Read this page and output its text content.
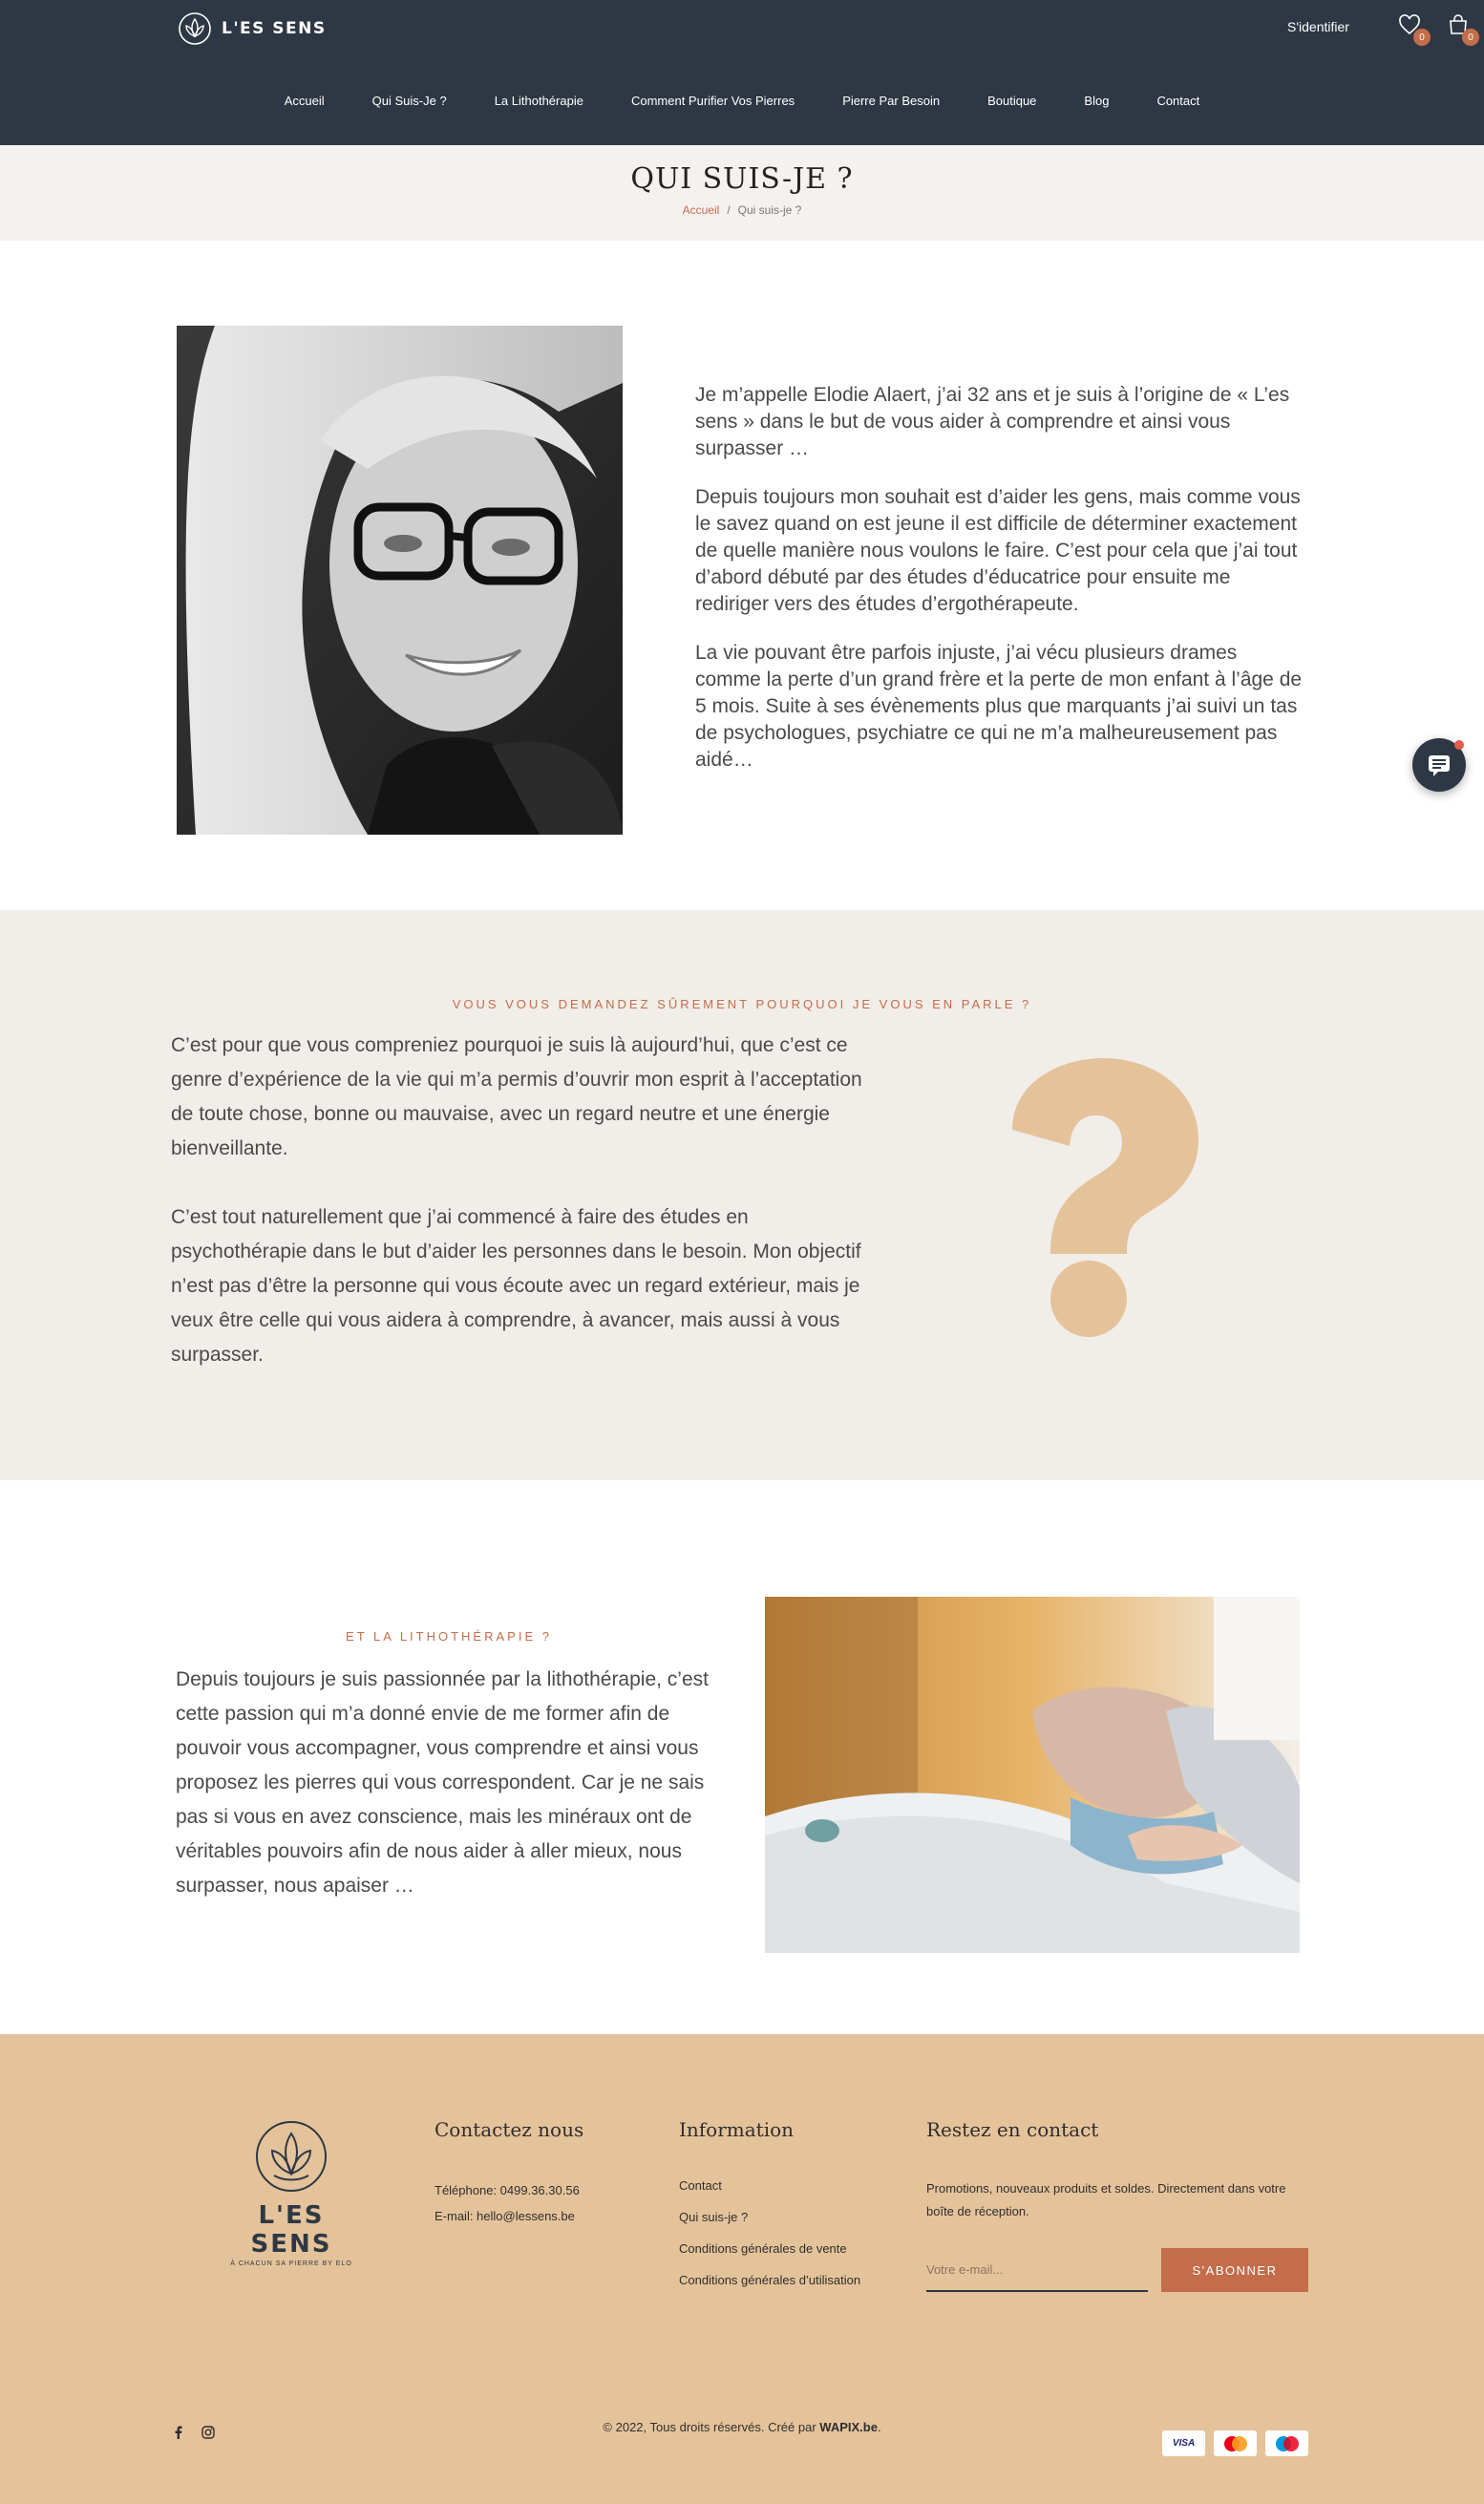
L'ES SENS	S'identifier
0	0
Accueil	Qui Suis-Je ?	La Lithothérapie	Comment Purifier Vos Pierres	Pierre Par Besoin	Boutique	Blog	Contact
QUI SUIS-JE ?
Accueil / Qui suis-je ?

Je m’appelle Elodie Alaert, j’ai 32 ans et je suis à l’origine de « L’es sens » dans le but de vous aider à comprendre et ainsi vous surpasser …

Depuis toujours mon souhait est d’aider les gens, mais comme vous le savez quand on est jeune il est difficile de déterminer exactement de quelle manière nous voulons le faire. C’est pour cela que j’ai tout d’abord débuté par des études d’éducatrice pour ensuite me rediriger vers des études d’ergothérapeute.

La vie pouvant être parfois injuste, j’ai vécu plusieurs drames comme la perte d’un grand frère et la perte de mon enfant à l’âge de 5 mois. Suite à ses évènements plus que marquants j’ai suivi un tas de psychologues, psychiatre ce qui ne m’a malheureusement pas aidé…

VOUS VOUS DEMANDEZ SÛREMENT POURQUOI JE VOUS EN PARLE ?

C’est pour que vous compreniez pourquoi je suis là aujourd’hui, que c’est ce genre d’expérience de la vie qui m’a permis d’ouvrir mon esprit à l’acceptation de toute chose, bonne ou mauvaise, avec un regard neutre et une énergie bienveillante.

C’est tout naturellement que j’ai commencé à faire des études en psychothérapie dans le but d’aider les personnes dans le besoin. Mon objectif n’est pas d’être la personne qui vous écoute avec un regard extérieur, mais je veux être celle qui vous aidera à comprendre, à avancer, mais aussi à vous surpasser.

ET LA LITHOTHÉRAPIE ?
Depuis toujours je suis passionnée par la lithothérapie, c’est cette passion qui m’a donné envie de me former afin de pouvoir vous accompagner, vous comprendre et ainsi vous proposez les pierres qui vous correspondent. Car je ne sais pas si vous en avez conscience, mais les minéraux ont de véritables pouvoirs afin de nous aider à aller mieux, nous surpasser, nous apaiser …
L'ES SENS
À CHACUN SA PIERRE BY ELO
Contactez nous
Téléphone: 0499.36.30.56
E-mail: hello@lessens.be
Information
Contact
Qui suis-je ?
Conditions générales de vente
Conditions générales d’utilisation
Restez en contact
Promotions, nouveaux produits et soldes. Directement dans votre boîte de réception.
Votre e-mail...
S'ABONNER
© 2022, Tous droits réservés. Créé par WAPIX.be.
VISA
